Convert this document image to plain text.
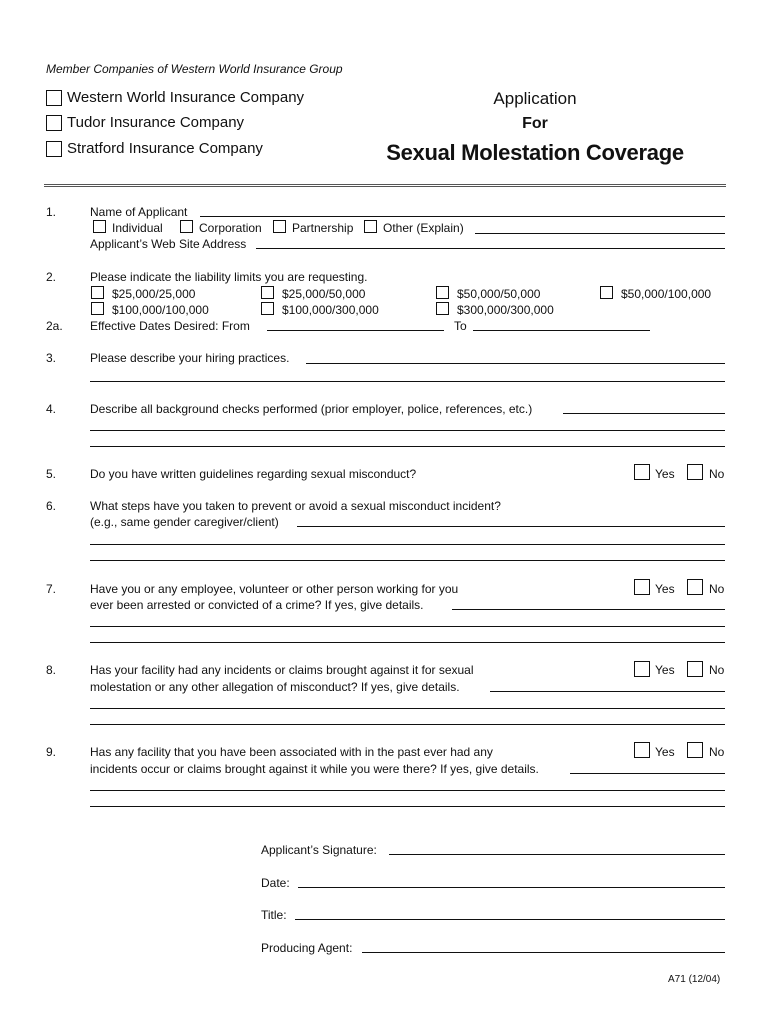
Member Companies of Western World Insurance Group
Western World Insurance Company
Tudor Insurance Company
Stratford Insurance Company
Application
For
Sexual Molestation Coverage
1.	Name of Applicant
Individual	Corporation	Partnership Other (Explain)
Applicant’s Web Site Address
2.	Please indicate the liability limits you are requesting.
$25,000/25,000	$25,000/50,000	$50,000/50,000	$50,000/100,000
$100,000/100,000	$100,000/300,000	$300,000/300,000
2a. Effective Dates Desired: From	To
3.	Please describe your hiring practices.
4.	Describe all background checks performed (prior employer, police, references, etc.)
5.	Do you have written guidelines regarding sexual misconduct?	Yes	No
6.	What steps have you taken to prevent or avoid a sexual misconduct incident?
(e.g., same gender caregiver/client)
7.	Have you or any employee, volunteer or other person working for you
ever been arrested or convicted of a crime? If yes, give details.
Yes	No
8.	Has your facility had any incidents or claims brought against it for sexual
molestation or any other allegation of misconduct? If yes, give details.
Yes	No
9.	Has any facility that you have been associated with in the past ever had any
incidents occur or claims brought against it while you were there? If yes, give details.
Yes	No
Applicant’s Signature:
Date:
Title:
Producing Agent:
A71 (12/04)
